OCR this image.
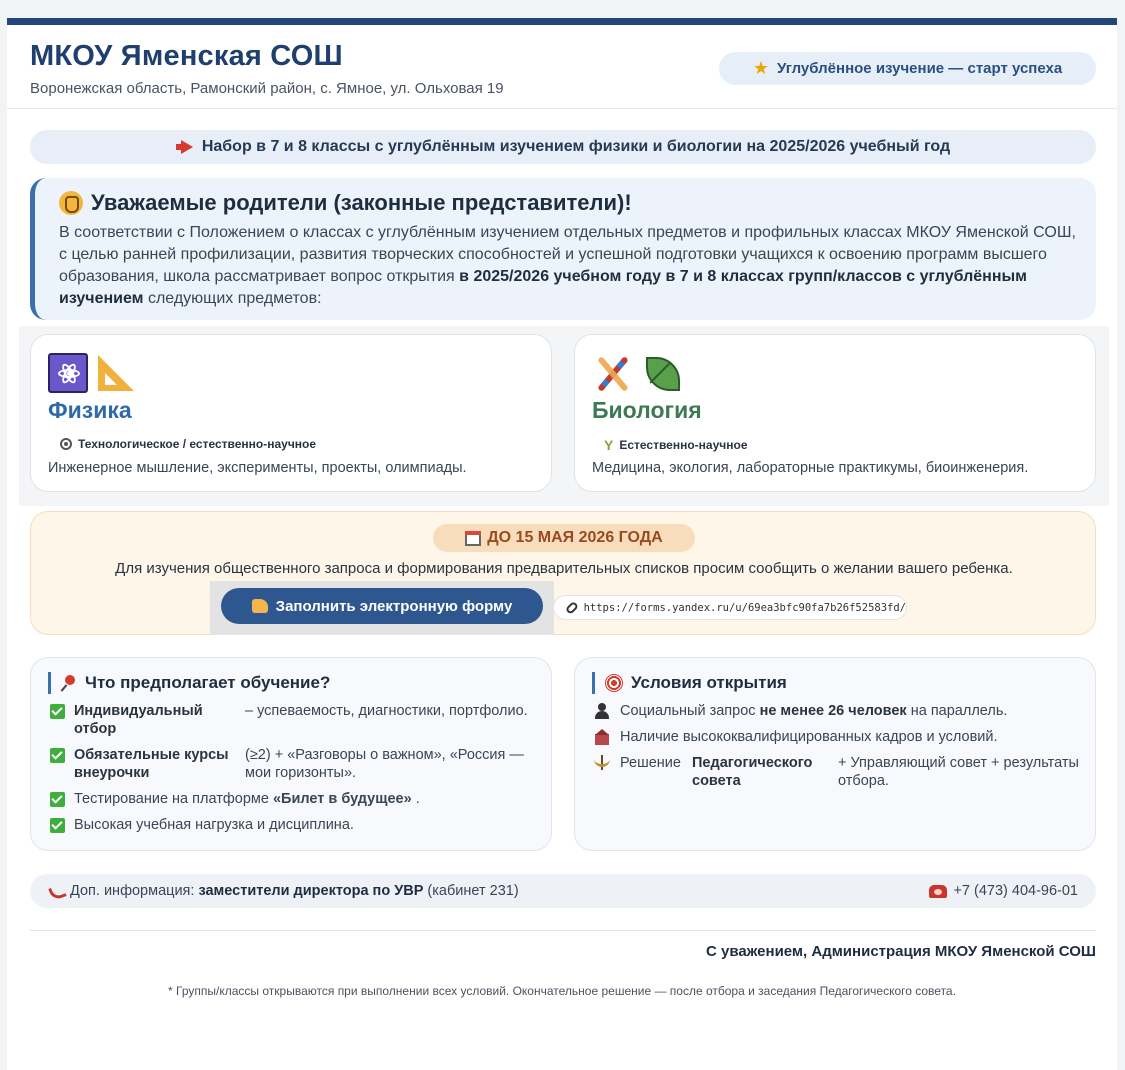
МКОУ Яменская СОШ
Воронежская область, Рамонский район, с. Ямное, ул. Ольховая 19
★ Углублённое изучение — старт успеха
Набор в 7 и 8 классы с углублённым изучением физики и биологии на 2025/2026 учебный год
Уважаемые родители (законные представители)!
В соответствии с Положением о классах с углублённым изучением отдельных предметов и профильных классах МКОУ Яменской СОШ, с целью ранней профилизации, развития творческих способностей и успешной подготовки учащихся к освоению программ высшего образования, школа рассматривает вопрос открытия в 2025/2026 учебном году в 7 и 8 классах групп/классов с углублённым изучением следующих предметов:
Физика
Технологическое / естественно-научное
Инженерное мышление, эксперименты, проекты, олимпиады.
Биология
Y Естественно-научное
Медицина, экология, лабораторные практикумы, биоинженерия.
ДО 15 МАЯ 2026 ГОДА
Для изучения общественного запроса и формирования предварительных списков просим сообщить о желании вашего ребенка.
Заполнить электронную форму	https://forms.yandex.ru/u/69ea3bfc90fa7b26f52583fd/
Что предполагает обучение?
Индивидуальный отбор
– успеваемость, диагностики, портфолио.
Обязательные курсы внеурочки
(≥2) + «Разговоры о важном», «Россия — мои горизонты».
Тестирование на платформе «Билет в будущее» .
Высокая учебная нагрузка и дисциплина.
Условия открытия
Социальный запрос не менее 26 человек на параллель.
Наличие высококвалифицированных кадров и условий.
Решение Педагогического совета
+ Управляющий совет + результаты отбора.
Доп. информация: заместители директора по УВР (кабинет 231)	+7 (473) 404-96-01
С уважением, Администрация МКОУ Яменской СОШ
* Группы/классы открываются при выполнении всех условий. Окончательное решение — после отбора и заседания Педагогического совета.
